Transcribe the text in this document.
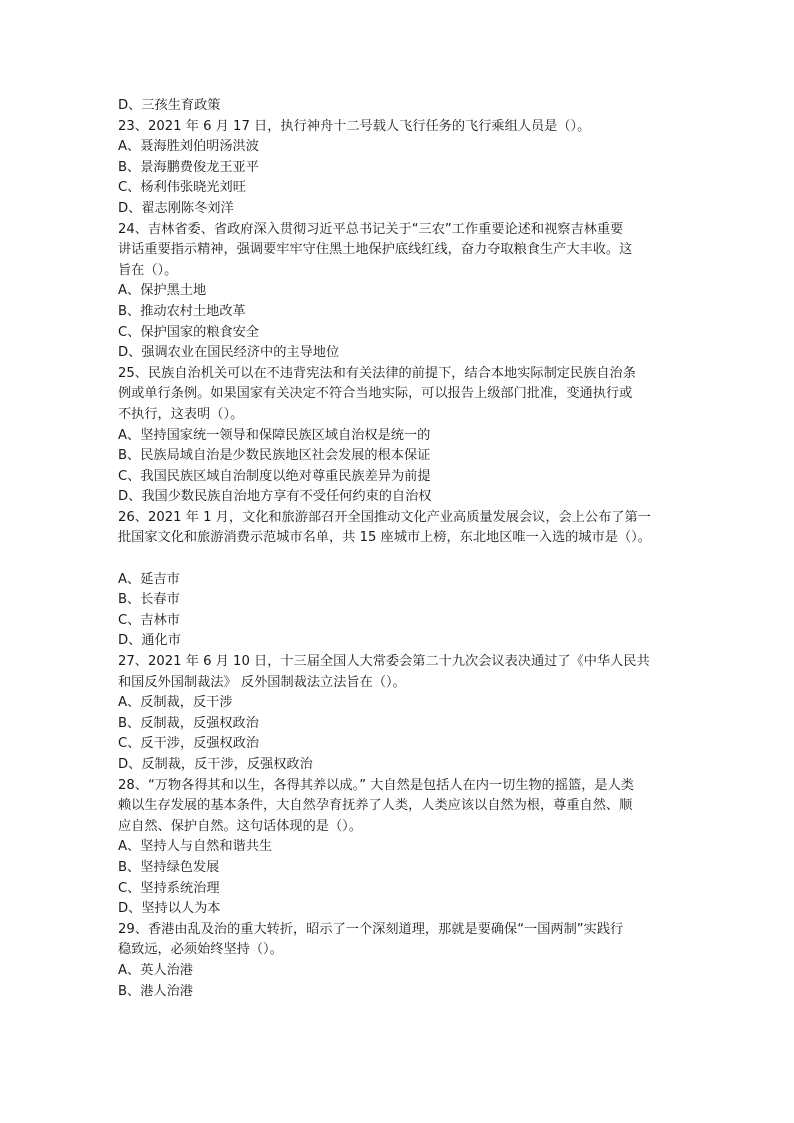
D、三孩生育政策
23、2021 年 6 月 17 日，执行神舟十二号载人飞行任务的飞行乘组人员是（）。
A、聂海胜刘伯明汤洪波
B、景海鹏费俊龙王亚平
C、杨利伟张晓光刘旺
D、翟志刚陈冬刘洋
24、吉林省委、省政府深入贯彻习近平总书记关于“三农”工作重要论述和视察吉林重要
讲话重要指示精神，强调要牢牢守住黑土地保护底线红线，奋力夺取粮食生产大丰收。这
旨在（）。
A、保护黑土地
B、推动农村土地改革
C、保护国家的粮食安全
D、强调农业在国民经济中的主导地位
25、民族自治机关可以在不违背宪法和有关法律的前提下，结合本地实际制定民族自治条
例或单行条例。如果国家有关决定不符合当地实际，可以报告上级部门批准，变通执行或
不执行，这表明（）。
A、坚持国家统一领导和保障民族区域自治权是统一的
B、民族局域自治是少数民族地区社会发展的根本保证
C、我国民族区域自治制度以绝对尊重民族差异为前提
D、我国少数民族自治地方享有不受任何约束的自治权
26、2021 年 1 月，文化和旅游部召开全国推动文化产业高质量发展会议，会上公布了第一
批国家文化和旅游消费示范城市名单，共 15 座城市上榜，东北地区唯一入选的城市是（）。
A、延吉市
B、长春市
C、吉林市
D、通化市
27、2021 年 6 月 10 日，十三届全国人大常委会第二十九次会议表决通过了《中华人民共
和国反外国制裁法》 反外国制裁法立法旨在（）。
A、反制裁，反干涉
B、反制裁，反强权政治
C、反干涉，反强权政治
D、反制裁，反干涉，反强权政治
28、“万物各得其和以生，各得其养以成。” 大自然是包括人在内一切生物的摇篮，是人类
赖以生存发展的基本条件，大自然孕育抚养了人类，人类应该以自然为根，尊重自然、顺
应自然、保护自然。这句话体现的是（）。
A、坚持人与自然和谐共生
B、坚持绿色发展
C、坚持系统治理
D、坚持以人为本
29、香港由乱及治的重大转折，昭示了一个深刻道理，那就是要确保“一国两制”实践行
稳致远，必须始终坚持（）。
A、英人治港
B、港人治港
